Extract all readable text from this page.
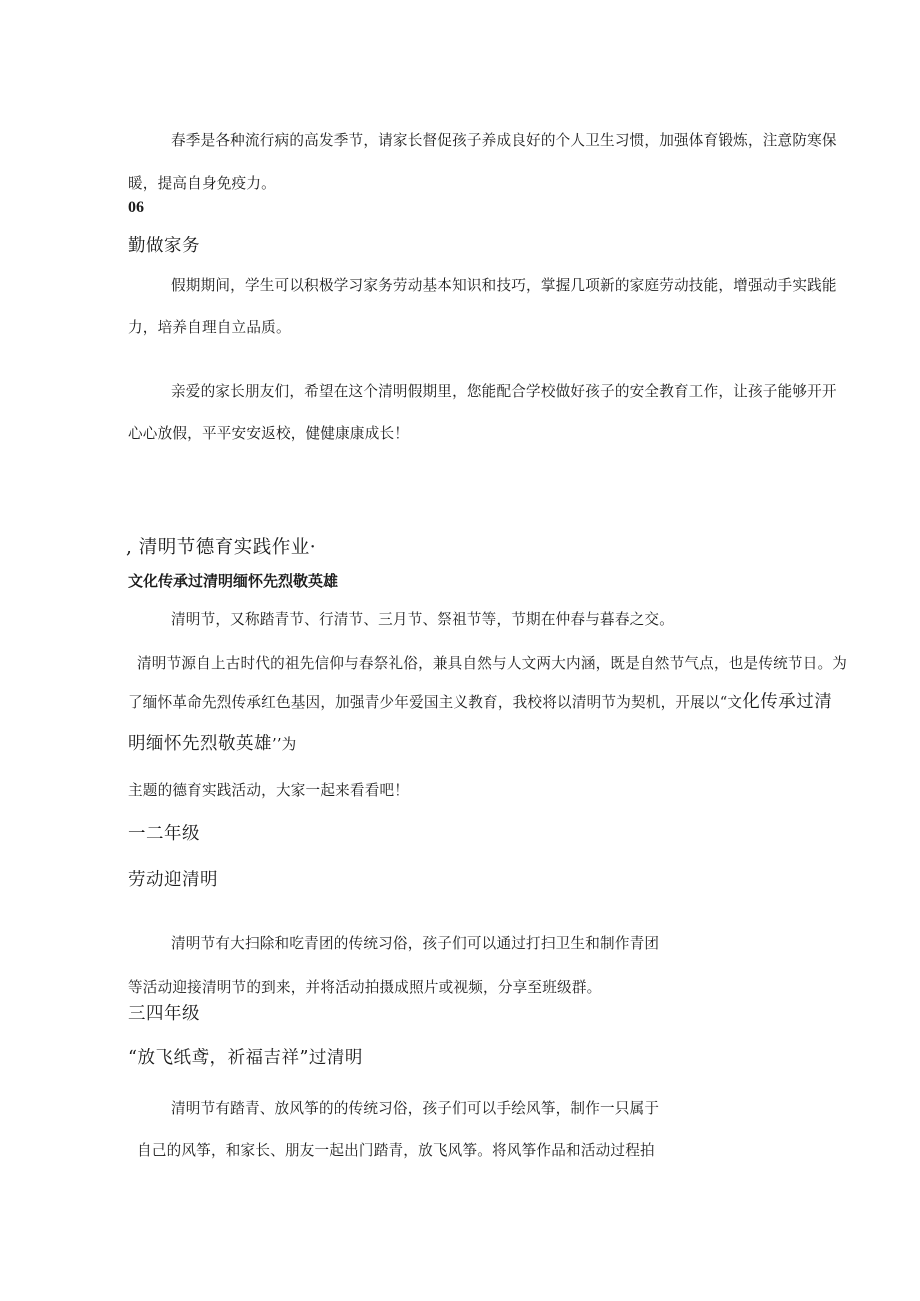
春季是各种流行病的高发季节，请家长督促孩子养成良好的个人卫生习惯，加强体育锻炼，注意防寒保

暖，提高自身免疫力。

06

勤做家务

假期期间，学生可以积极学习家务劳动基本知识和技巧，掌握几项新的家庭劳动技能，增强动手实践能

力，培养自理自立品质。

亲爱的家长朋友们，希望在这个清明假期里，您能配合学校做好孩子的安全教育工作，让孩子能够开开

心心放假，平平安安返校，健健康康成长！

, 清明节德育实践作业·

文化传承过清明缅怀先烈敬英雄

清明节，又称踏青节、行清节、三月节、祭祖节等，节期在仲春与暮春之交。

清明节源自上古时代的祖先信仰与春祭礼俗，兼具自然与人文两大内涵，既是自然节气点，也是传统节日。为

了缅怀革命先烈传承红色基因，加强青少年爱国主义教育，我校将以清明节为契机，开展以“文化传承过清

明缅怀先烈敬英雄’’为

主题的德育实践活动，大家一起来看看吧！

一二年级

劳动迎清明

清明节有大扫除和吃青团的传统习俗，孩子们可以通过打扫卫生和制作青团

等活动迎接清明节的到来，并将活动拍摄成照片或视频，分享至班级群。

三四年级

“放飞纸鸢，祈福吉祥”过清明

清明节有踏青、放风筝的的传统习俗，孩子们可以手绘风筝，制作一只属于

自己的风筝，和家长、朋友一起出门踏青，放飞风筝。将风筝作品和活动过程拍
